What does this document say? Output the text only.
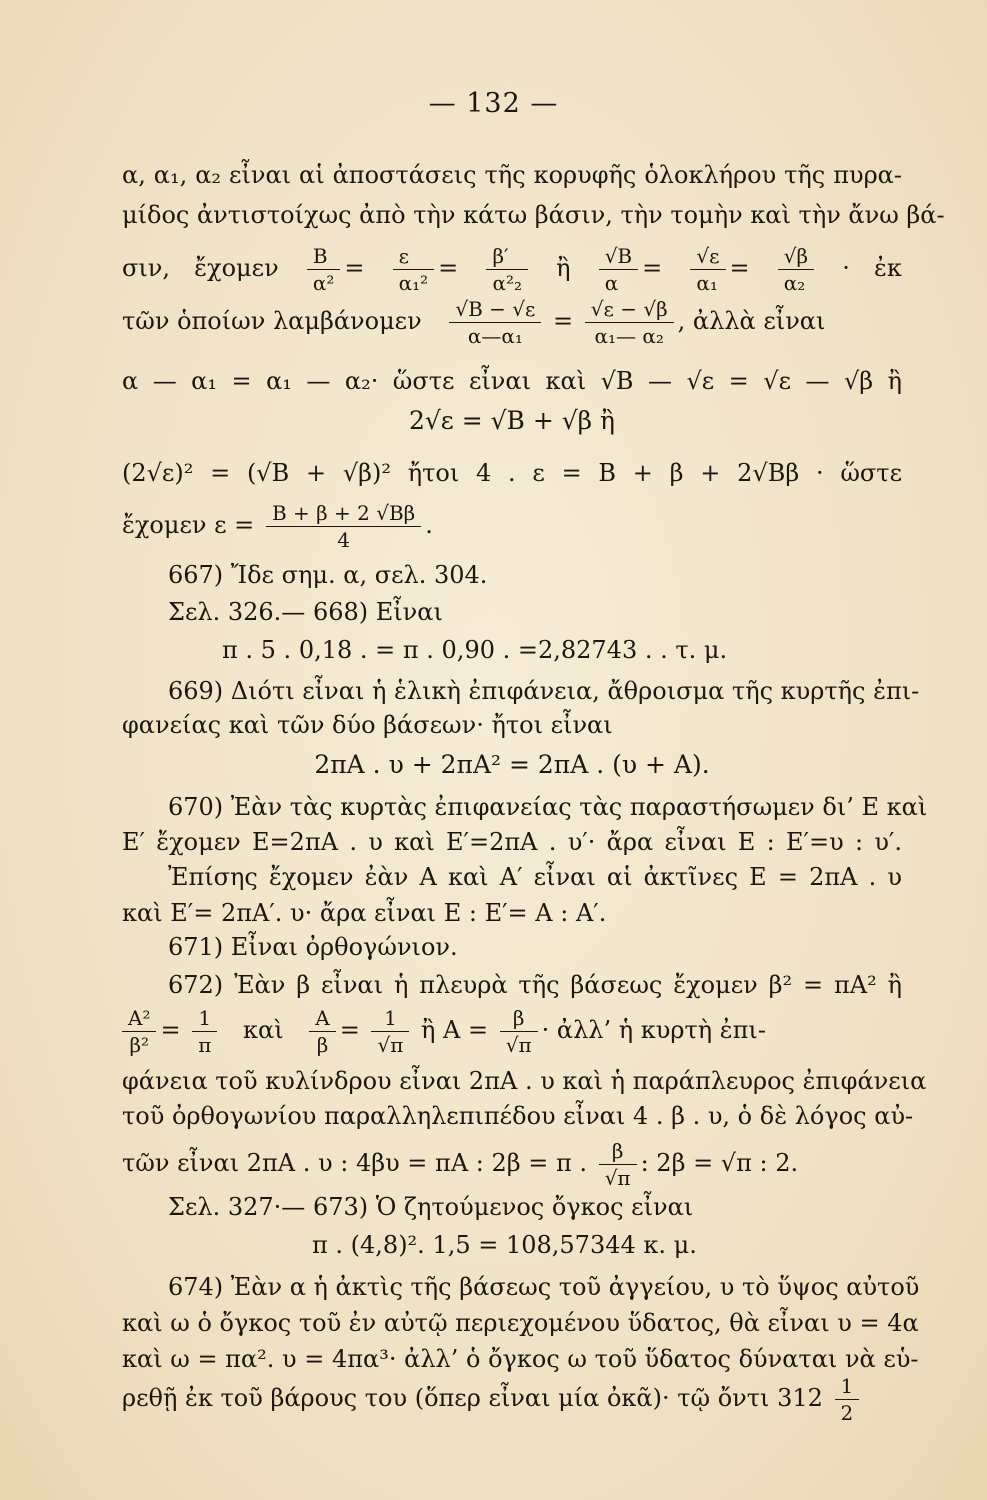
— 132 —
α, α₁, α₂ εἶναι αἱ ἀποστάσεις τῆς κορυφῆς ὁλοκλήρου τῆς πυρα-
μίδος ἀντιστοίχως ἀπὸ τὴν κάτω βάσιν, τὴν τομὴν καὶ τὴν ἄνω βά-
σιν, ἔχομεν $\frac{B}{\text{α²}} = \frac{\varepsilon}{\text{α₁²}} = \frac{\beta'}{\text{α²₂}}$ ἢ $\frac{√B}{\alpha} = \frac{√\varepsilon}{\text{α₁}} = \frac{√\beta}{\text{α₂}}$ · ἐκ
τῶν ὁποίων λαμβάνομεν $\frac{√B - √\varepsilon}{\text{α—α₁}} = \frac{√\varepsilon - √\beta}{\text{α₁— α₂}}$ , ἀλλὰ εἶναι
α — α₁ = α₁ — α₂· ὥστε εἶναι καὶ √B — √ε = √ε — √β ἢ
2√ε = √B + √β ἢ
(2√ε)² = (√B + √β)² ἤτοι 4 . ε = B + β + 2√Bβ · ὥστε
ἔχομεν $\varepsilon = \frac{B + \beta + 2 √B\beta}{4}$ .
667) Ἴδε σημ. α, σελ. 304.
Σελ. 326.— 668) Εἶναι
π . 5 . 0,18 . = π . 0,90 . =2,82743 . . τ. μ.
669) Διότι εἶναι ἡ ἑλικὴ ἐπιφάνεια, ἄθροισμα τῆς κυρτῆς ἐπι-
φανείας καὶ τῶν δύο βάσεων· ἤτοι εἶναι
2πA . υ + 2πA² = 2πA . (υ + A).
670) Ἐὰν τὰς κυρτὰς ἐπιφανείας τὰς παραστήσωμεν δι’ E καὶ
E′ ἔχομεν E=2πA . υ καὶ E′=2πA . υ′· ἄρα εἶναι E : E′=υ : υ′.
Ἐπίσης ἔχομεν ἐὰν A καὶ A′ εἶναι αἱ ἀκτῖνες E = 2πA . υ
καὶ E′= 2πA′. υ· ἄρα εἶναι E : E′= A : A′.
671) Εἶναι ὀρθογώνιον.
672) Ἐὰν β εἶναι ἡ πλευρὰ τῆς βάσεως ἔχομεν β² = πA² ἢ
$\frac{\text{A²}}{\text{β²}} = \frac{1}{\pi}$ καὶ $\frac{A}{\beta} = \frac{1}{√\pi}$ ἢ $A = \frac{\beta}{√\pi}$ · ἀλλ’ ἡ κυρτὴ ἐπι-
φάνεια τοῦ κυλίνδρου εἶναι 2πA . υ καὶ ἡ παράπλευρος ἐπιφάνεια
τοῦ ὀρθογωνίου παραλληλεπιπέδου εἶναι 4 . β . υ, ὁ δὲ λόγος αὐ-
τῶν εἶναι 2πA . υ : 4βυ = πA : 2β = π . $\frac{\beta}{√\pi}$ : 2β = √π : 2.
Σελ. 327·— 673) Ὁ ζητούμενος ὄγκος εἶναι
π . (4,8)². 1,5 = 108,57344 κ. μ.
674) Ἐὰν α ἡ ἀκτὶς τῆς βάσεως τοῦ ἀγγείου, υ τὸ ὕψος αὐτοῦ
καὶ ω ὁ ὄγκος τοῦ ἐν αὐτῷ περιεχομένου ὕδατος, θὰ εἶναι υ = 4α
καὶ ω = πα². υ = 4πα³· ἀλλ’ ὁ ὄγκος ω τοῦ ὕδατος δύναται νὰ εὑ-
ρεθῇ ἐκ τοῦ βάρους του (ὅπερ εἶναι μία ὀκᾶ)· τῷ ὄντι $312 \frac{1}{2}$
